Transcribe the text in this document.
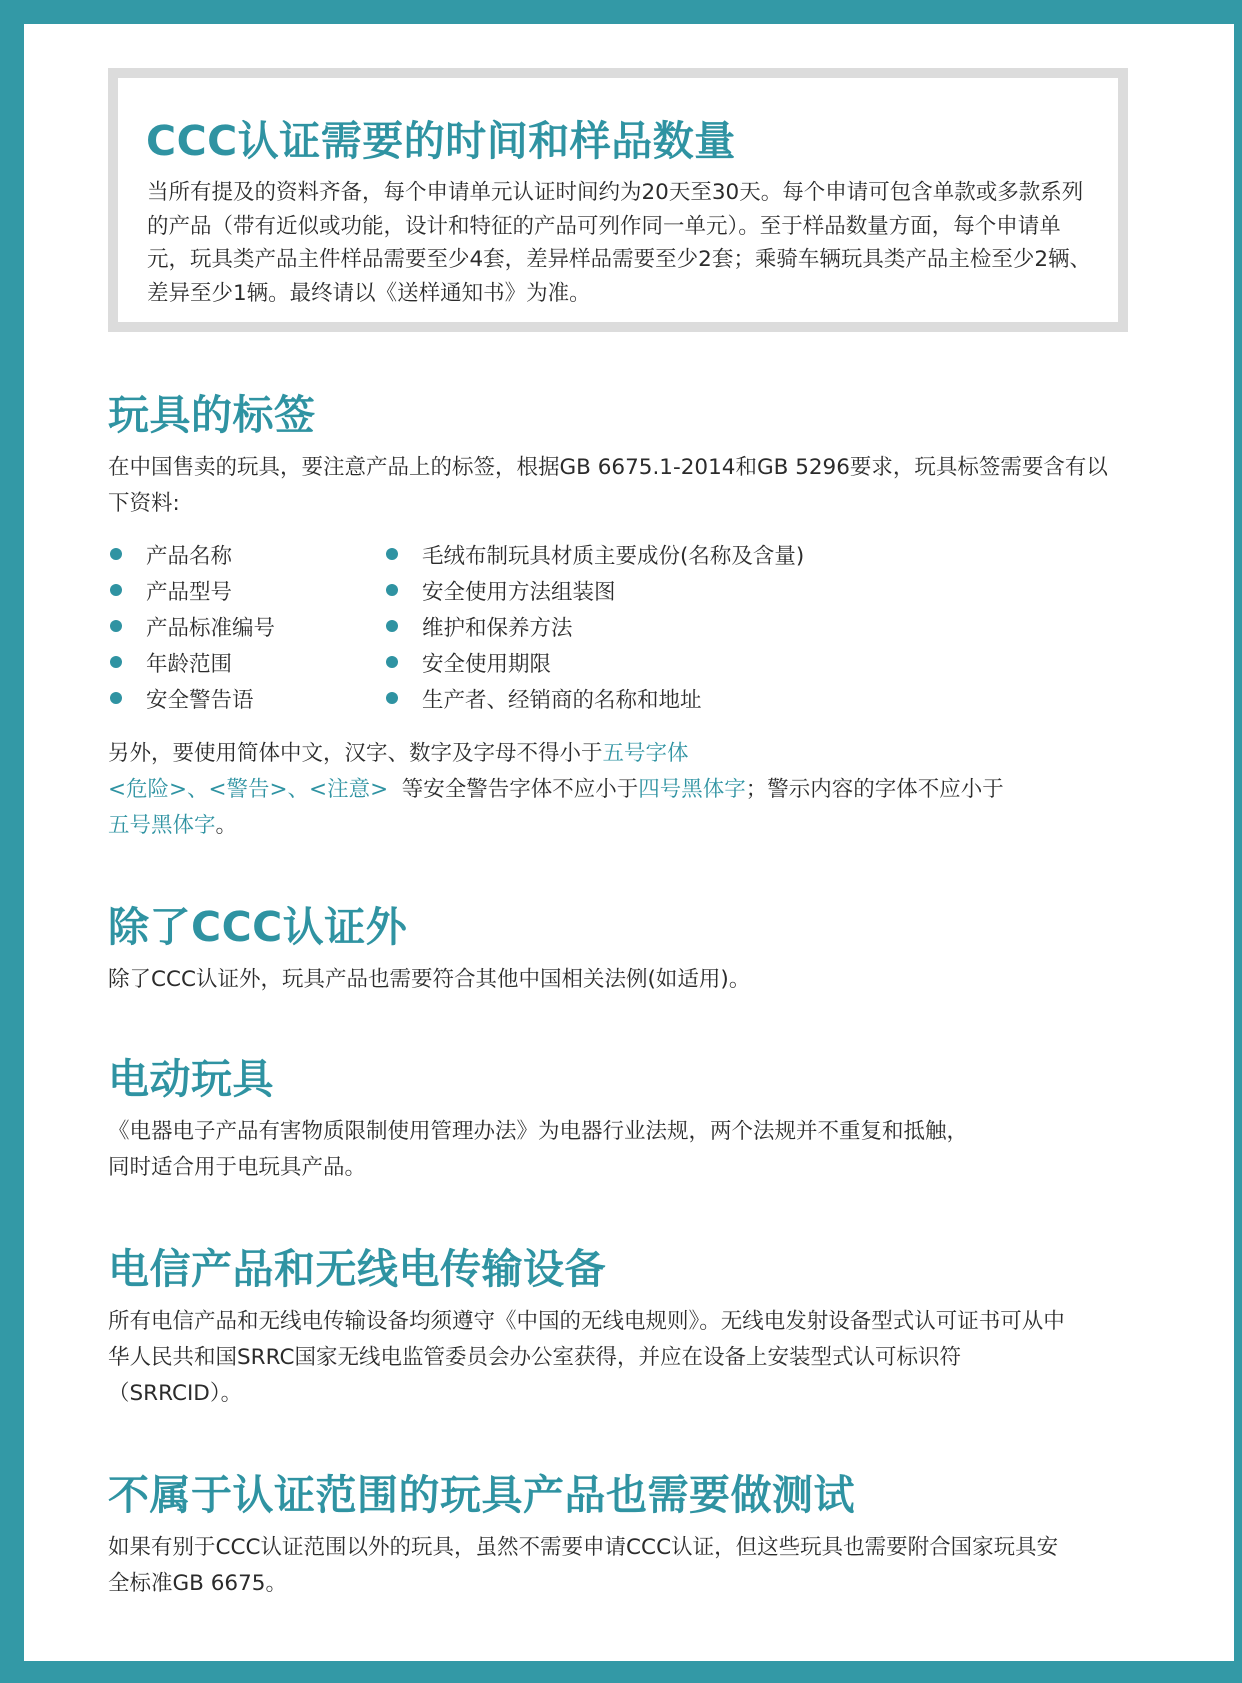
CCC认证需要的时间和样品数量

当所有提及的资料齐备，每个申请单元认证时间约为20天至30天。每个申请可包含单款或多款系列的产品（带有近似或功能，设计和特征的产品可列作同一单元）。至于样品数量方面，每个申请单元，玩具类产品主件样品需要至少4套，差异样品需要至少2套；乘骑车辆玩具类产品主检至少2辆、差异至少1辆。最终请以《送样通知书》为准。

玩具的标签

在中国售卖的玩具，要注意产品上的标签，根据GB 6675.1-2014和GB 5296要求，玩具标签需要含有以下资料:

产品名称
产品型号
产品标准编号
年龄范围
安全警告语
毛绒布制玩具材质主要成份(名称及含量)
安全使用方法组装图
维护和保养方法
安全使用期限
生产者、经销商的名称和地址
另外，要使用简体中文，汉字、数字及字母不得小于五号字体
<危险>、<警告>、<注意>  等安全警告字体不应小于四号黑体字；警示内容的字体不应小于
五号黑体字。
除了CCC认证外

除了CCC认证外，玩具产品也需要符合其他中国相关法例(如适用)。

电动玩具

《电器电子产品有害物质限制使用管理办法》为电器行业法规，两个法规并不重复和抵触，

同时适合用于电玩具产品。

电信产品和无线电传输设备

所有电信产品和无线电传输设备均须遵守《中国的无线电规则》。无线电发射设备型式认可证书可从中华人民共和国SRRC国家无线电监管委员会办公室获得，并应在设备上安装型式认可标识符（SRRCID）。

不属于认证范围的玩具产品也需要做测试

如果有别于CCC认证范围以外的玩具，虽然不需要申请CCC认证，但这些玩具也需要附合国家玩具安全标准GB 6675。
